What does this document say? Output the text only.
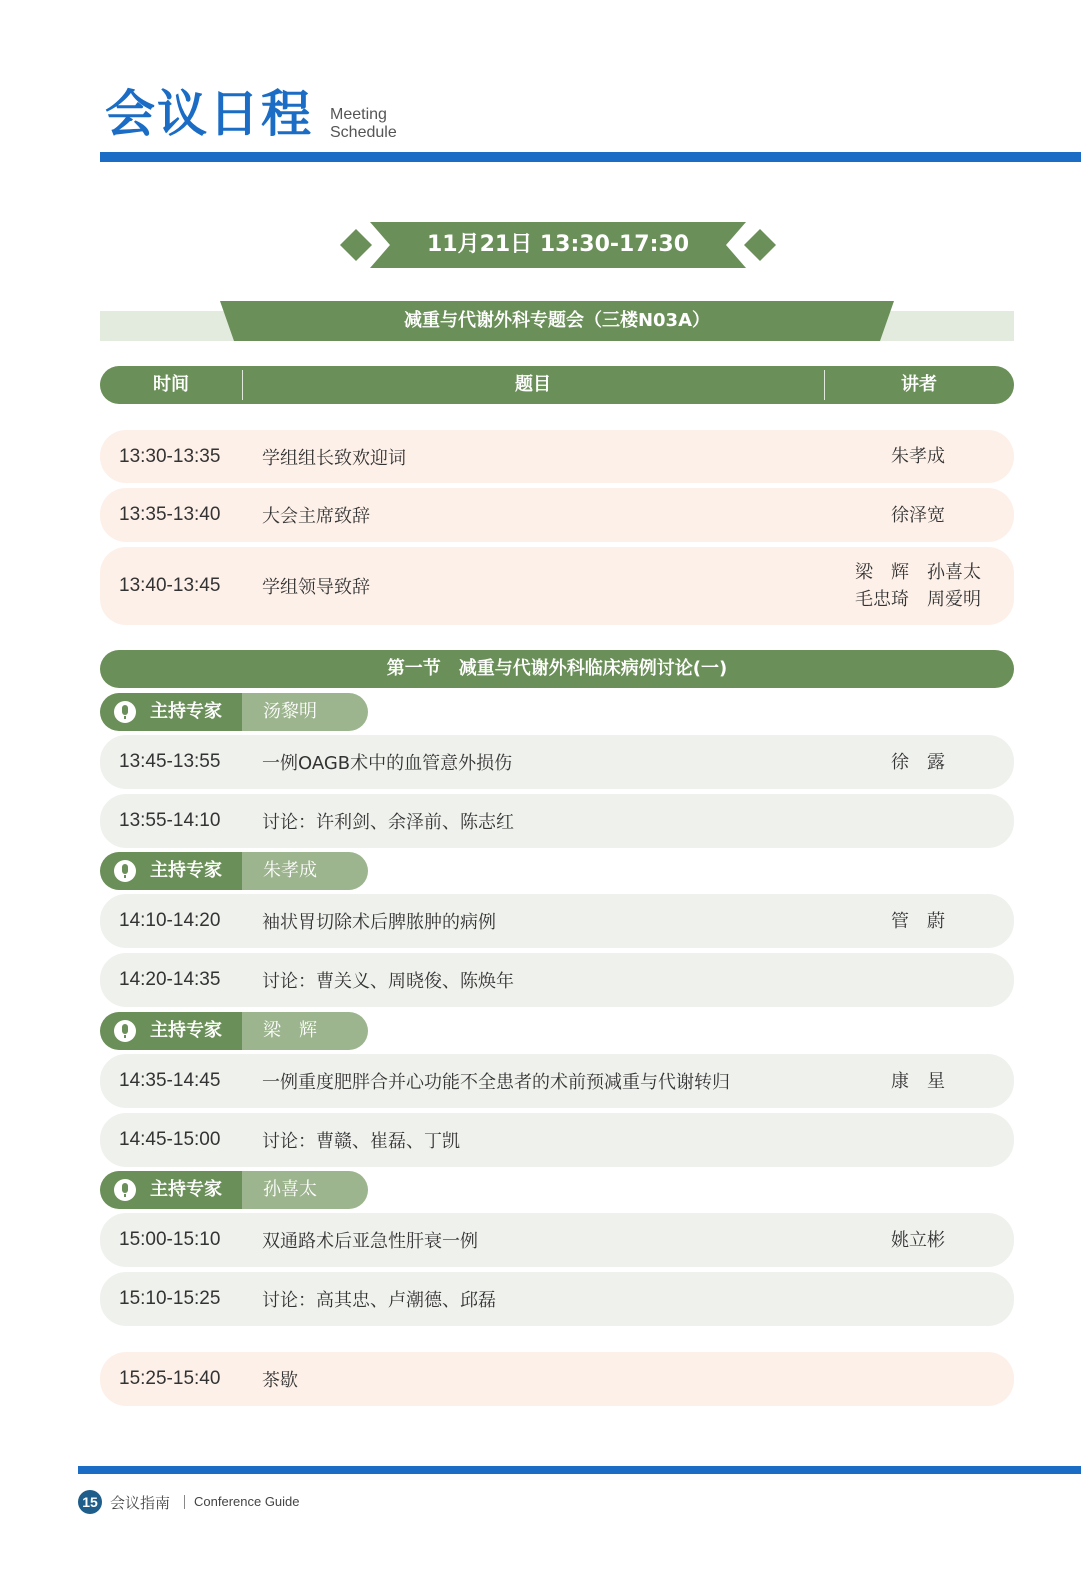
会议日程 Meeting
Schedule
11月21日 13:30-17:30
减重与代谢外科专题会（三楼N03A）
时间	题目	讲者
13:30-13:35 学组组长致欢迎词	朱孝成
13:35-13:40 大会主席致辞	徐泽宽
13:40-13:45 学组领导致辞
梁　辉　孙喜太
毛忠琦　周爱明
第一节　减重与代谢外科临床病例讨论(一)
主持专家 汤黎明
13:45-13:55 一例OAGB术中的血管意外损伤	徐　露
13:55-14:10 讨论：许利剑、余泽前、陈志红
主持专家 朱孝成
14:10-14:20 袖状胃切除术后脾脓肿的病例	管　蔚
14:20-14:35 讨论：曹关义、周晓俊、陈焕年
主持专家 梁　辉
14:35-14:45 一例重度肥胖合并心功能不全患者的术前预减重与代谢转归	康　星
14:45-15:00 讨论：曹赣、崔磊、丁凯
主持专家 孙喜太
15:00-15:10 双通路术后亚急性肝衰一例	姚立彬
15:10-15:25 讨论：高其忠、卢潮德、邱磊
15:25-15:40 茶歇
15 会议指南 Conference Guide
